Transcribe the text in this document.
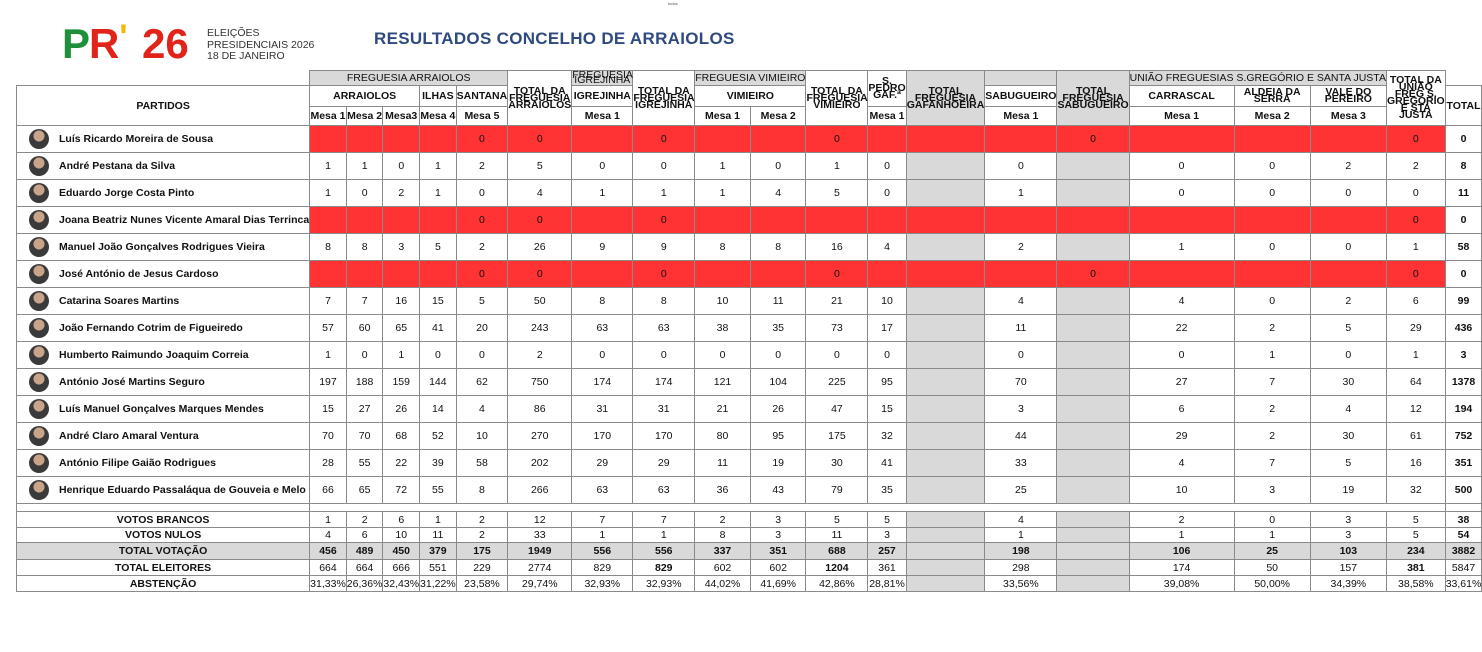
todos
PR' 26 ELEIÇÕES
PRESIDENCIAIS 2026
18 DE JANEIRO
RESULTADOS CONCELHO DE ARRAIOLOS
	FREGUESIA ARRAIOLOS					TOTAL DA FREGUESIA ARRAIOLOS	FREGUESIA IGREJINHA	TOTAL DA FREGUESIA IGREJINHA	FREGUESIA VIMIEIRO		TOTAL DA FREGUESIA VIMIEIRO	S. PEDRO GAF.ª	TOTAL FREGUESIA GAFANHOEIRA		TOTAL FREGUESIA SABUGUEIRO	UNIÃO FREGUESIAS S.GREGÓRIO E SANTA JUSTA			TOTAL DA UNIÃO FREG S. GREGÓRIO E STA JUSTA	
PARTIDOS	ARRAIOLOS			ILHAS	SANTANA		IGREJINHA		VIMIEIRO					SABUGUEIRO		CARRASCAL	ALDEIA DA SERRA	VALE DO PEREIRO		TOTAL
	Mesa 1	Mesa 2	Mesa3	Mesa 4	Mesa 5		Mesa 1		Mesa 1	Mesa 2		Mesa 1		Mesa 1		Mesa 1	Mesa 2	Mesa 3		
Luís Ricardo Moreira de Sousa					0	0		0			0				0				0	0
André Pestana da Silva	1	1	0	1	2	5	0	0	1	0	1	0		0		0	0	2	2	8
Eduardo Jorge Costa Pinto	1	0	2	1	0	4	1	1	1	4	5	0		1		0	0	0	0	11
Joana Beatriz Nunes Vicente Amaral Dias Terrinca					0	0		0											0	0
Manuel João Gonçalves Rodrigues Vieira	8	8	3	5	2	26	9	9	8	8	16	4		2		1	0	0	1	58
José António de Jesus Cardoso					0	0		0			0				0				0	0
Catarina Soares Martins	7	7	16	15	5	50	8	8	10	11	21	10		4		4	0	2	6	99
João Fernando Cotrim de Figueiredo	57	60	65	41	20	243	63	63	38	35	73	17		11		22	2	5	29	436
Humberto Raimundo Joaquim Correia	1	0	1	0	0	2	0	0	0	0	0	0		0		0	1	0	1	3
António José Martins Seguro	197	188	159	144	62	750	174	174	121	104	225	95		70		27	7	30	64	1378
Luís Manuel Gonçalves Marques Mendes	15	27	26	14	4	86	31	31	21	26	47	15		3		6	2	4	12	194
André Claro Amaral Ventura	70	70	68	52	10	270	170	170	80	95	175	32		44		29	2	30	61	752
António Filipe Gaião Rodrigues	28	55	22	39	58	202	29	29	11	19	30	41		33		4	7	5	16	351
Henrique Eduardo Passaláqua de Gouveia e Melo	66	65	72	55	8	266	63	63	36	43	79	35		25		10	3	19	32	500

VOTOS BRANCOS	1	2	6	1	2	12	7	7	2	3	5	5		4		2	0	3	5	38
VOTOS NULOS	4	6	10	11	2	33	1	1	8	3	11	3		1		1	1	3	5	54
TOTAL VOTAÇÃO	456	489	450	379	175	1949	556	556	337	351	688	257		198		106	25	103	234	3882
TOTAL ELEITORES	664	664	666	551	229	2774	829	829	602	602	1204	361		298		174	50	157	381	5847
ABSTENÇÃO	31,33%	26,36%	32,43%	31,22%	23,58%	29,74%	32,93%	32,93%	44,02%	41,69%	42,86%	28,81%		33,56%		39,08%	50,00%	34,39%	38,58%	33,61%
